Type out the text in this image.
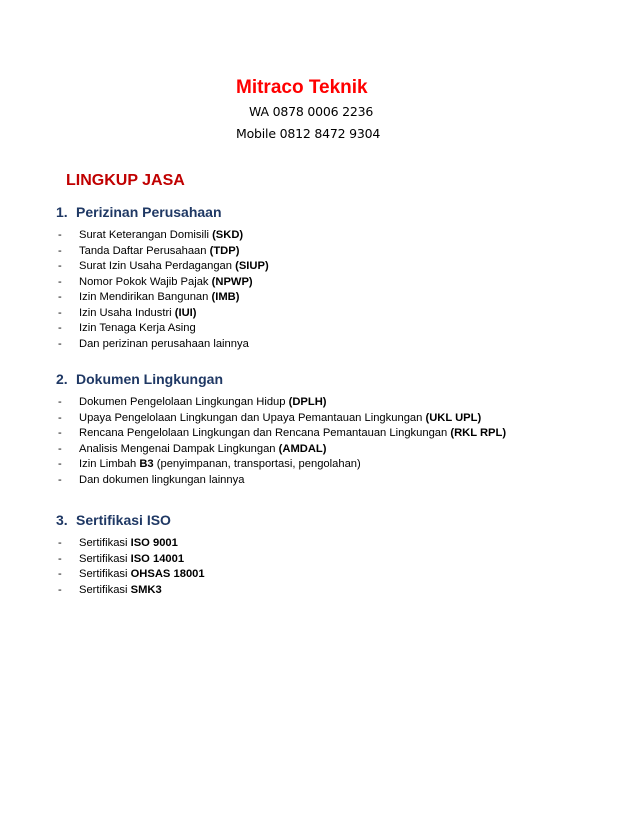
Mitraco Teknik
WA 0878 0006 2236
Mobile 0812 8472 9304
LINGKUP JASA
1. Perizinan Perusahaan
- Surat Keterangan Domisili (SKD)
- Tanda Daftar Perusahaan (TDP)
- Surat Izin Usaha Perdagangan (SIUP)
- Nomor Pokok Wajib Pajak (NPWP)
- Izin Mendirikan Bangunan (IMB)
- Izin Usaha Industri (IUI)
- Izin Tenaga Kerja Asing
- Dan perizinan perusahaan lainnya
2. Dokumen Lingkungan
- Dokumen Pengelolaan Lingkungan Hidup (DPLH)
- Upaya Pengelolaan Lingkungan dan Upaya Pemantauan Lingkungan (UKL UPL)
- Rencana Pengelolaan Lingkungan dan Rencana Pemantauan Lingkungan (RKL RPL)
- Analisis Mengenai Dampak Lingkungan (AMDAL)
- Izin Limbah B3 (penyimpanan, transportasi, pengolahan)
- Dan dokumen lingkungan lainnya
3. Sertifikasi ISO
- Sertifikasi ISO 9001
- Sertifikasi ISO 14001
- Sertifikasi OHSAS 18001
- Sertifikasi SMK3
